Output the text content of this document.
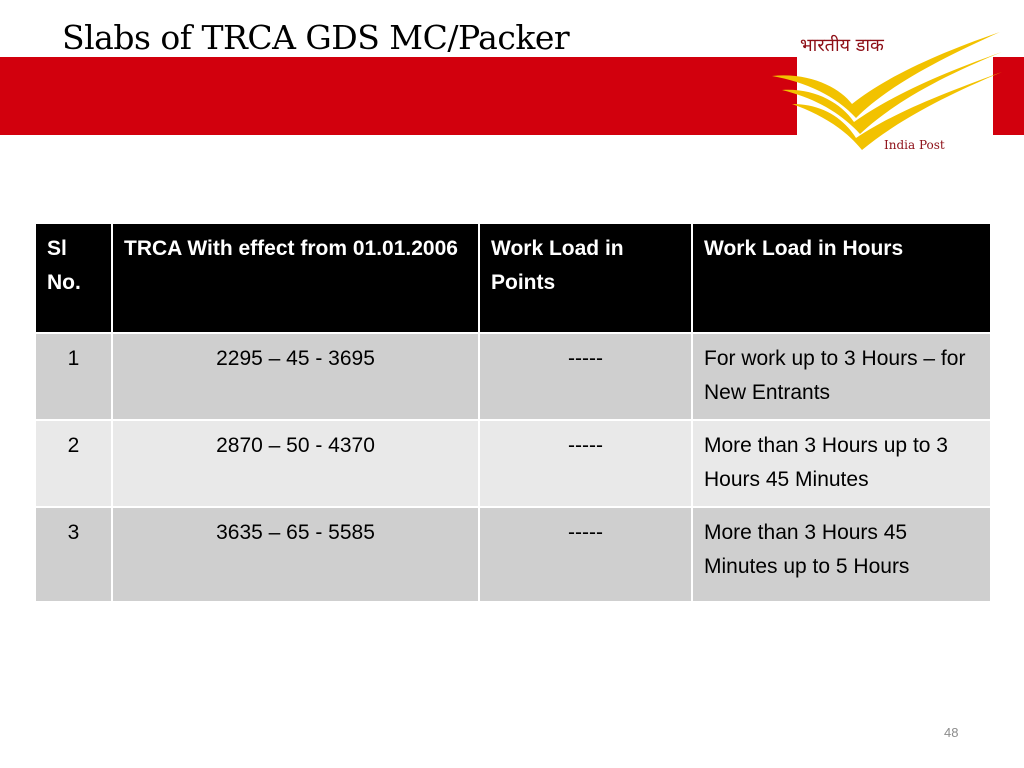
Slabs of TRCA GDS MC/Packer	भारतीय डाक
India Post
Sl No.	TRCA With effect from 01.01.2006	Work Load in Points	Work Load in Hours
1	2295 – 45 - 3695	-----	For work up to 3 Hours – for New Entrants
2	2870 – 50 - 4370	-----	More than 3 Hours up to 3 Hours 45 Minutes
3	3635 – 65 - 5585	-----	More than 3 Hours 45 Minutes up to 5 Hours
48
